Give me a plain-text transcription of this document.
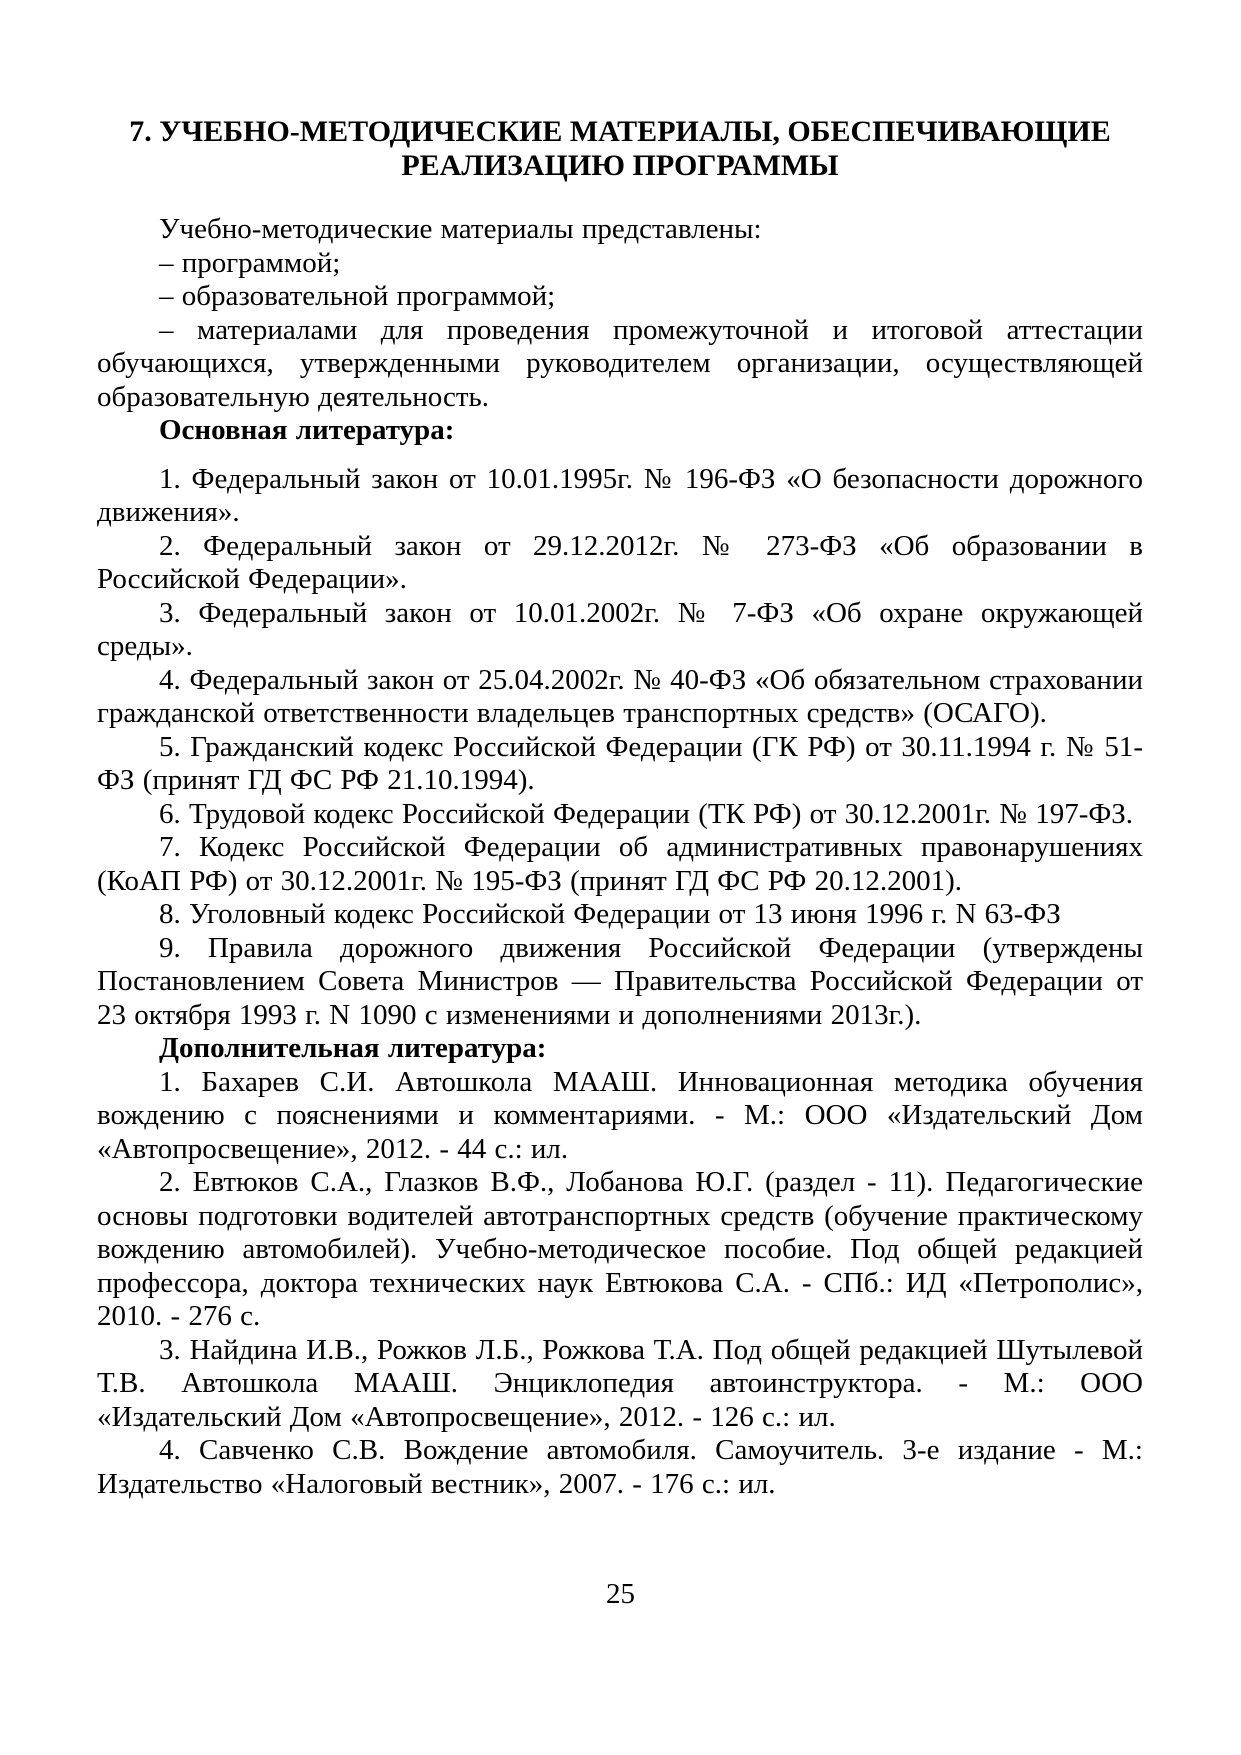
7. УЧЕБНО-МЕТОДИЧЕСКИЕ МАТЕРИАЛЫ, ОБЕСПЕЧИВАЮЩИЕ
РЕАЛИЗАЦИЮ ПРОГРАММЫ

Учебно-методические материалы представлены:

– программой;

– образовательной программой;

– материалами для проведения промежуточной и итоговой аттестации обучающихся, утвержденными руководителем организации, осуществляющей образовательную деятельность.

Основная литература:

1. Федеральный закон от 10.01.1995г. № 196-ФЗ «О безопасности дорожного движения».

2. Федеральный закон от 29.12.2012г. № 273-ФЗ «Об образовании в Российской Федерации».

3. Федеральный закон от 10.01.2002г. № 7-ФЗ «Об охране окружающей среды».

4. Федеральный закон от 25.04.2002г. № 40-ФЗ «Об обязательном страховании гражданской ответственности владельцев транспортных средств» (ОСАГО).

5. Гражданский кодекс Российской Федерации (ГК РФ) от 30.11.1994 г. № 51-ФЗ (принят ГД ФС РФ 21.10.1994).

6. Трудовой кодекс Российской Федерации (ТК РФ) от 30.12.2001г. № 197-ФЗ.

7. Кодекс Российской Федерации об административных правонарушениях (КоАП РФ) от 30.12.2001г. № 195-ФЗ (принят ГД ФС РФ 20.12.2001).

8. Уголовный кодекс Российской Федерации от 13 июня 1996 г. N 63-ФЗ

9. Правила дорожного движения Российской Федерации (утверждены Постановлением Совета Министров — Правительства Российской Федерации от 23 октября 1993 г. N 1090 с изменениями и дополнениями 2013г.).

Дополнительная литература:

1. Бахарев С.И. Автошкола МААШ. Инновационная методика обучения вождению с пояснениями и комментариями. - М.: ООО «Издательский Дом «Автопросвещение», 2012. - 44 с.: ил.

2. Евтюков С.А., Глазков В.Ф., Лобанова Ю.Г. (раздел - 11). Педагогические основы подготовки водителей автотранспортных средств (обучение практическому вождению автомобилей). Учебно-методическое пособие. Под общей редакцией профессора, доктора технических наук Евтюкова С.А. - СПб.: ИД «Петрополис», 2010. - 276 с.

3. Найдина И.В., Рожков Л.Б., Рожкова Т.А. Под общей редакцией Шутылевой Т.В. Автошкола МААШ. Энциклопедия автоинструктора. - М.: ООО «Издательский Дом «Автопросвещение», 2012. - 126 с.: ил.

4. Савченко С.В. Вождение автомобиля. Самоучитель. 3-е издание - М.: Издательство «Налоговый вестник», 2007. - 176 с.: ил.

25
